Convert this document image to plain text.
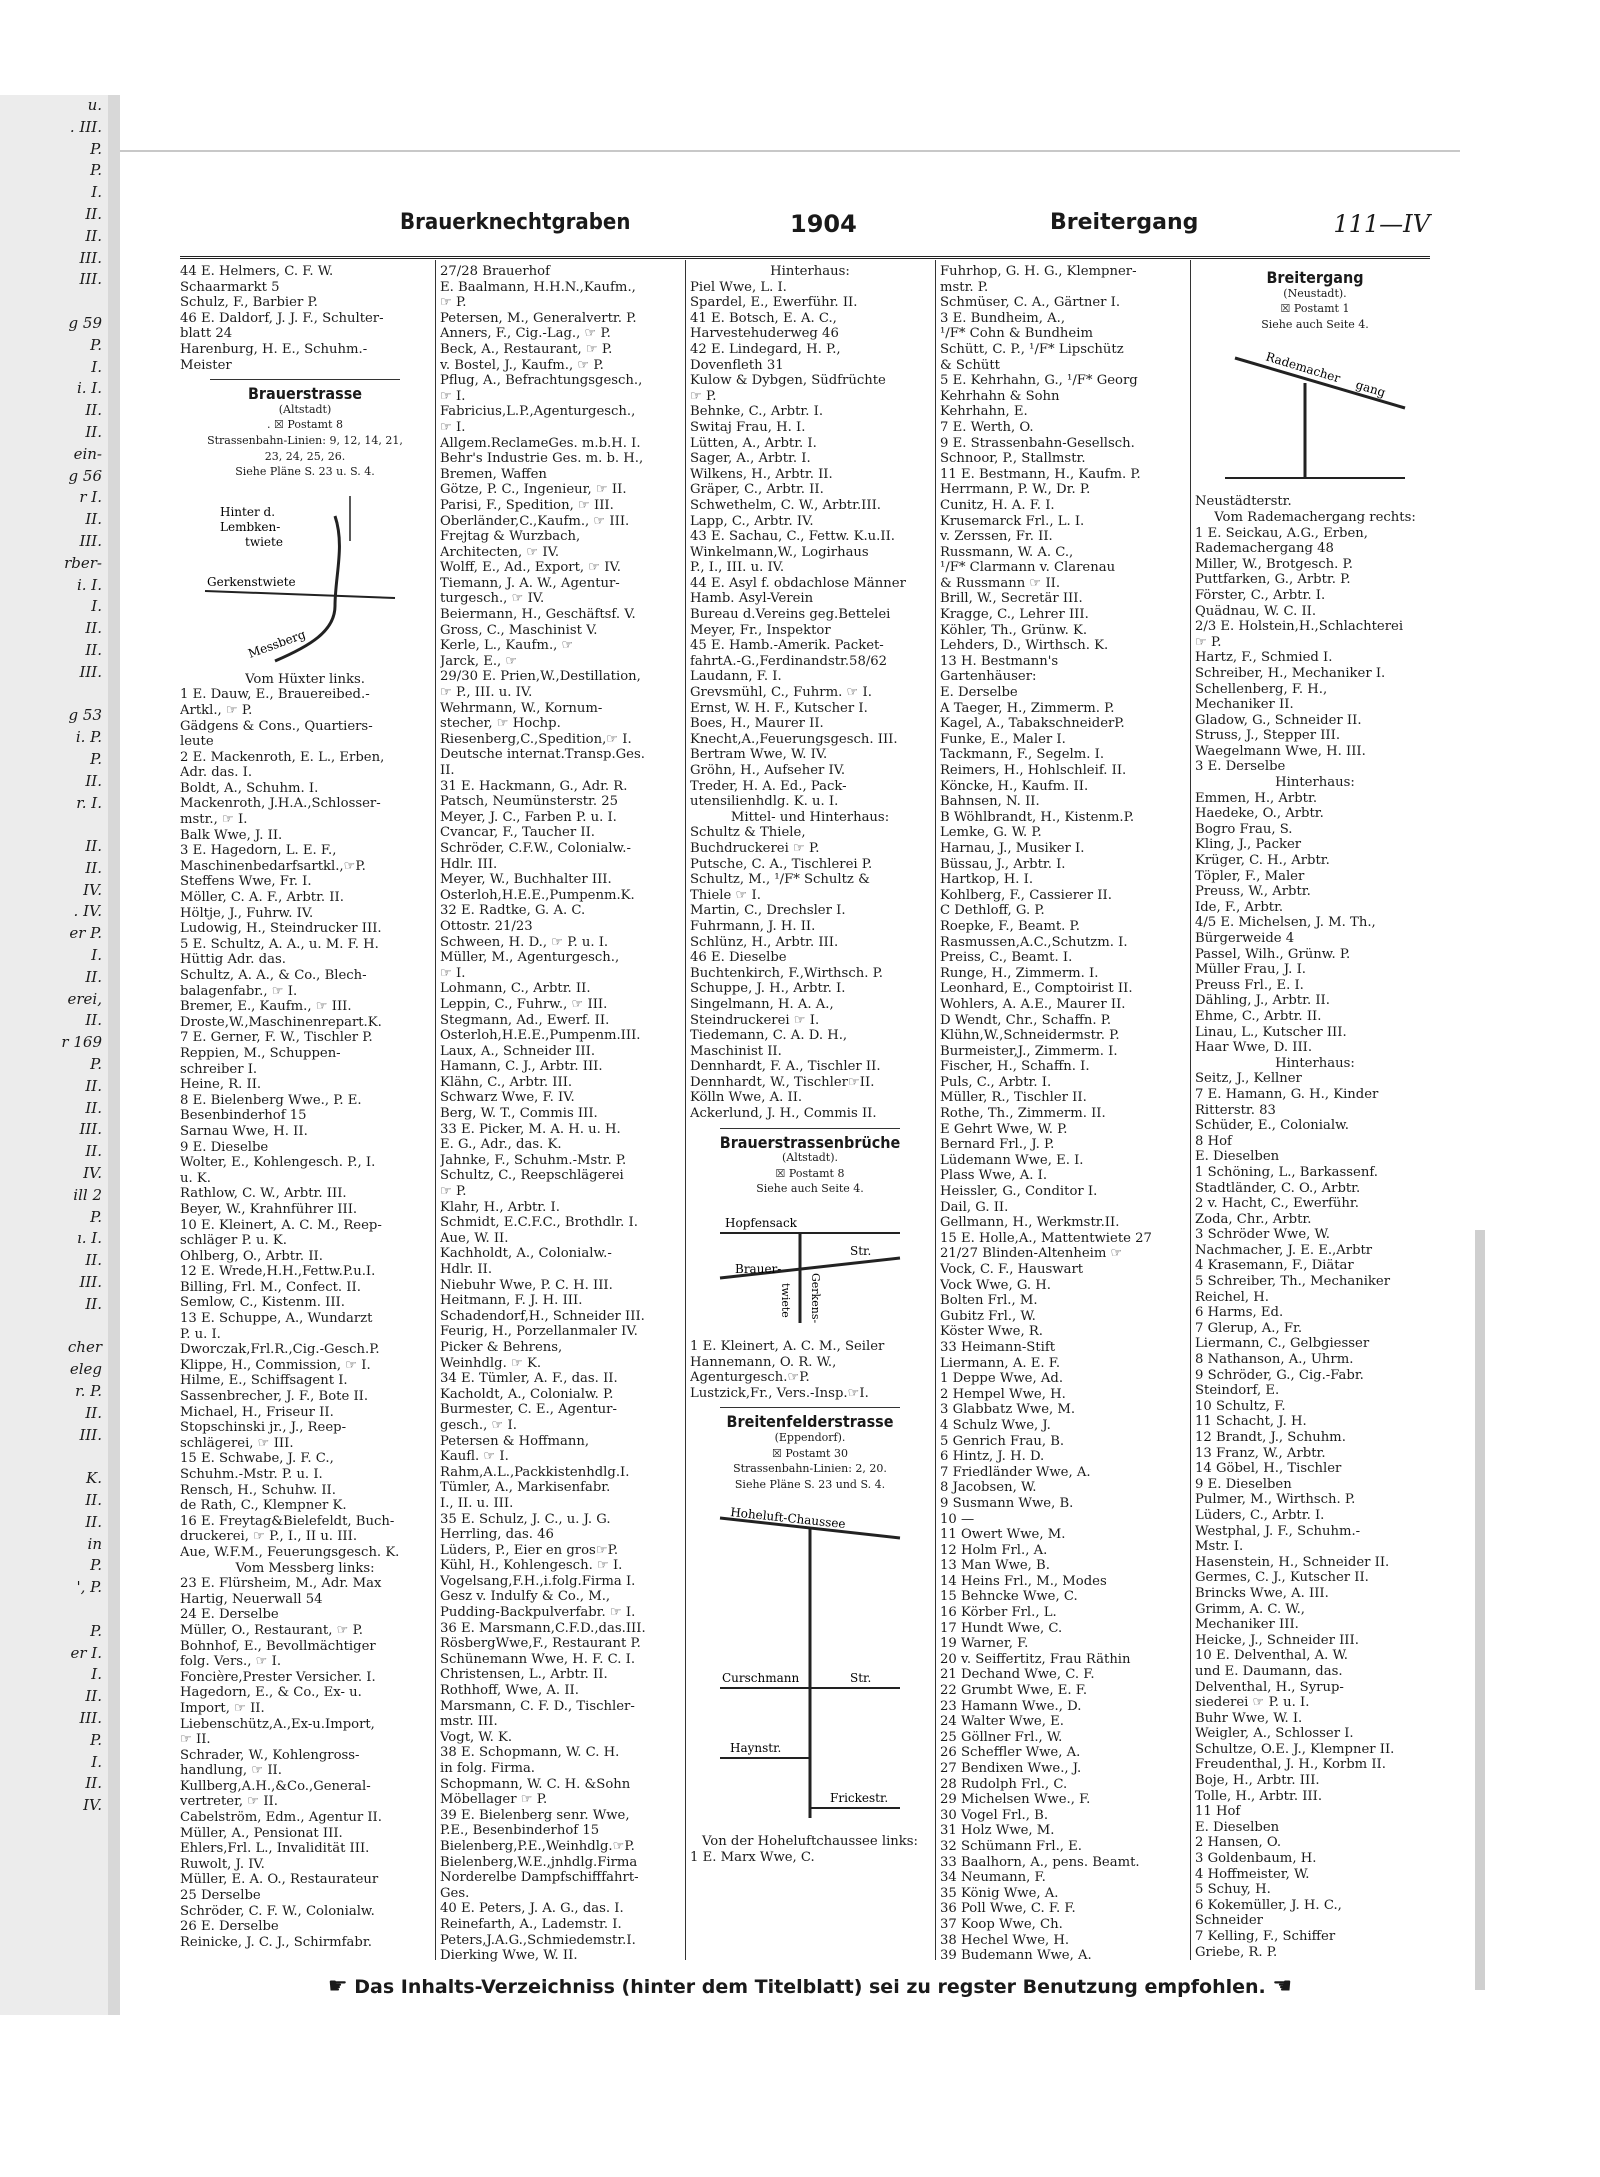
u.
. III.
P.
P.
I.
II.
II.
III.
III.
g 59
P.
I.
i. I.
II.
II.
ein-
g 56
r I.
II.
III.
rber-
i. I.
I.
II.
II.
III.
g 53
i. P.
P.
II.
r. I.
II.
II.
IV.
. IV.
er P.
I.
II.
erei,
II.
r 169
P.
II.
II.
III.
II.
IV.
ill 2
P.
ı. I.
II.
III.
II.
cher
eleg
r. P.
II.
III.
K.
II.
II.
in
P.
', P.
P.
er I.
I.
II.
III.
P.
I.
II.
IV.
Brauerknechtgraben	1904	Breitergang	111—IV
44 E. Helmers, C. F. W.
Schaarmarkt 5
Schulz, F., Barbier P.
46 E. Daldorf, J. J. F., Schulter-
blatt 24
Harenburg, H. E., Schuhm.-
Meister
Brauerstrasse
(Altstadt)
. ☒ Postamt 8
Strassenbahn-Linien: 9, 12, 14, 21,
23, 24, 25, 26.
Siehe Pläne S. 23 u. S. 4.
Hinter d.
Lembken-
twiete
Gerkenstwiete
Messberg
Vom Hüxter links.
1 E. Dauw, E., Brauereibed.-
Artkl., ☞ P.
Gädgens & Cons., Quartiers-
leute
2 E. Mackenroth, E. L., Erben,
Adr. das. I.
Boldt, A., Schuhm. I.
Mackenroth, J.H.A.,Schlosser-
mstr., ☞ I.
Balk Wwe, J. II.
3 E. Hagedorn, L. E. F.,
Maschinenbedarfsartkl.,☞P.
Steffens Wwe, Fr. I.
Möller, C. A. F., Arbtr. II.
Höltje, J., Fuhrw. IV.
Ludowig, H., Steindrucker III.
5 E. Schultz, A. A., u. M. F. H.
Hüttig Adr. das.
Schultz, A. A., & Co., Blech-
balagenfabr., ☞ I.
Bremer, E., Kaufm., ☞ III.
Droste,W.,Maschinenrepart.K.
7 E. Gerner, F. W., Tischler P.
Reppien, M., Schuppen-
schreiber I.
Heine, R. II.
8 E. Bielenberg Wwe., P. E.
Besenbinderhof 15
Sarnau Wwe, H. II.
9 E. Dieselbe
Wolter, E., Kohlengesch. P., I.
u. K.
Rathlow, C. W., Arbtr. III.
Beyer, W., Krahnführer III.
10 E. Kleinert, A. C. M., Reep-
schläger P. u. K.
Ohlberg, O., Arbtr. II.
12 E. Wrede,H.H.,Fettw.P.u.I.
Billing, Frl. M., Confect. II.
Semlow, C., Kistenm. III.
13 E. Schuppe, A., Wundarzt
P. u. I.
Dworczak,Frl.R.,Cig.-Gesch.P.
Klippe, H., Commission, ☞ I.
Hilme, E., Schiffsagent I.
Sassenbrecher, J. F., Bote II.
Michael, H., Friseur II.
Stopschinski jr., J., Reep-
schlägerei, ☞ III.
15 E. Schwabe, J. F. C.,
Schuhm.-Mstr. P. u. I.
Rensch, H., Schuhw. II.
de Rath, C., Klempner K.
16 E. Freytag&Bielefeldt, Buch-
druckerei, ☞ P., I., II u. III.
Aue, W.F.M., Feuerungsgesch. K.
Vom Messberg links:
23 E. Flürsheim, M., Adr. Max
Hartig, Neuerwall 54
24 E. Derselbe
Müller, O., Restaurant, ☞ P.
Bohnhof, E., Bevollmächtiger
folg. Vers., ☞ I.
Foncière,Prester Versicher. I.
Hagedorn, E., & Co., Ex- u.
Import, ☞ II.
Liebenschütz,A.,Ex-u.Import,
☞ II.
Schrader, W., Kohlengross-
handlung, ☞ II.
Kullberg,A.H.,&Co.,General-
vertreter, ☞ II.
Cabelström, Edm., Agentur II.
Müller, A., Pensionat III.
Ehlers,Frl. L., Invalidität III.
Ruwolt, J. IV.
Müller, E. A. O., Restaurateur
25 Derselbe
Schröder, C. F. W., Colonialw.
26 E. Derselbe
Reinicke, J. C. J., Schirmfabr.
27/28 Brauerhof
E. Baalmann, H.H.N.,Kaufm.,
☞ P.
Petersen, M., Generalvertr. P.
Anners, F., Cig.-Lag., ☞ P.
Beck, A., Restaurant, ☞ P.
v. Bostel, J., Kaufm., ☞ P.
Pflug, A., Befrachtungsgesch.,
☞ I.
Fabricius,L.P.,Agenturgesch.,
☞ I.
Allgem.ReclameGes. m.b.H. I.
Behr's Industrie Ges. m. b. H.,
Bremen, Waffen
Götze, P. C., Ingenieur, ☞ II.
Parisi, F., Spedition, ☞ III.
Oberländer,C.,Kaufm., ☞ III.
Frejtag & Wurzbach,
Architecten, ☞ IV.
Wolff, E., Ad., Export, ☞ IV.
Tiemann, J. A. W., Agentur-
turgesch., ☞ IV.
Beiermann, H., Geschäftsf. V.
Gross, C., Maschinist V.
Kerle, L., Kaufm., ☞
Jarck, E., ☞
29/30 E. Prien,W.,Destillation,
☞ P., III. u. IV.
Wehrmann, W., Kornum-
stecher, ☞ Hochp.
Riesenberg,C.,Spedition,☞ I.
Deutsche internat.Transp.Ges.
II.
31 E. Hackmann, G., Adr. R.
Patsch, Neumünsterstr. 25
Meyer, J. C., Farben P. u. I.
Cvancar, F., Taucher II.
Schröder, C.F.W., Colonialw.-
Hdlr. III.
Meyer, W., Buchhalter III.
Osterloh,H.E.E.,Pumpenm.K.
32 E. Radtke, G. A. C.
Ottostr. 21/23
Schween, H. D., ☞ P. u. I.
Müller, M., Agenturgesch.,
☞ I.
Lohmann, C., Arbtr. II.
Leppin, C., Fuhrw., ☞ III.
Stegmann, Ad., Ewerf. II.
Osterloh,H.E.E.,Pumpenm.III.
Laux, A., Schneider III.
Hamann, C. J., Arbtr. III.
Klähn, C., Arbtr. III.
Schwarz Wwe, F. IV.
Berg, W. T., Commis III.
33 E. Picker, M. A. H. u. H.
E. G., Adr., das. K.
Jahnke, F., Schuhm.-Mstr. P.
Schultz, C., Reepschlägerei
☞ P.
Klahr, H., Arbtr. I.
Schmidt, E.C.F.C., Brothdlr. I.
Aue, W. II.
Kachholdt, A., Colonialw.-
Hdlr. II.
Niebuhr Wwe, P. C. H. III.
Heitmann, F. J. H. III.
Schadendorf,H., Schneider III.
Feurig, H., Porzellanmaler IV.
Picker & Behrens,
Weinhdlg. ☞ K.
34 E. Tümler, A. F., das. II.
Kacholdt, A., Colonialw. P.
Burmester, C. E., Agentur-
gesch., ☞ I.
Petersen & Hoffmann,
Kaufl. ☞ I.
Rahm,A.L.,Packkistenhdlg.I.
Tümler, A., Markisenfabr.
I., II. u. III.
35 E. Schulz, J. C., u. J. G.
Herrling, das. 46
Lüders, P., Eier en gros☞P.
Kühl, H., Kohlengesch. ☞ I.
Vogelsang,F.H.,i.folg.Firma I.
Gesz v. Indulfy & Co., M.,
Pudding-Backpulverfabr. ☞ I.
36 E. Marsmann,C.F.D.,das.III.
RösbergWwe,F., Restaurant P.
Schünemann Wwe, H. F. C. I.
Christensen, L., Arbtr. II.
Rothhoff, Wwe, A. II.
Marsmann, C. F. D., Tischler-
mstr. III.
Vogt, W. K.
38 E. Schopmann, W. C. H.
in folg. Firma.
Schopmann, W. C. H. &Sohn
Möbellager ☞ P.
39 E. Bielenberg senr. Wwe,
P.E., Besenbinderhof 15
Bielenberg,P.E.,Weinhdlg.☞P.
Bielenberg,W.E.,jnhdlg.Firma
Norderelbe Dampfschifffahrt-
Ges.
40 E. Peters, J. A. G., das. I.
Reinefarth, A., Lademstr. I.
Peters,J.A.G.,Schmiedemstr.I.
Dierking Wwe, W. II.
Hinterhaus:
Piel Wwe, L. I.
Spardel, E., Ewerführ. II.
41 E. Botsch, E. A. C.,
Harvestehuderweg 46
42 E. Lindegard, H. P.,
Dovenfleth 31
Kulow & Dybgen, Südfrüchte
☞ P.
Behnke, C., Arbtr. I.
Switaj Frau, H. I.
Lütten, A., Arbtr. I.
Sager, A., Arbtr. I.
Wilkens, H., Arbtr. II.
Gräper, C., Arbtr. II.
Schwethelm, C. W., Arbtr.III.
Lapp, C., Arbtr. IV.
43 E. Sachau, C., Fettw. K.u.II.
Winkelmann,W., Logirhaus
P., I., III. u. IV.
44 E. Asyl f. obdachlose Männer
Hamb. Asyl-Verein
Bureau d.Vereins geg.Bettelei
Meyer, Fr., Inspektor
45 E. Hamb.-Amerik. Packet-
fahrtA.-G.,Ferdinandstr.58/62
Laudann, F. I.
Grevsmühl, C., Fuhrm. ☞ I.
Ernst, W. H. F., Kutscher I.
Boes, H., Maurer II.
Knecht,A.,Feuerungsgesch. III.
Bertram Wwe, W. IV.
Gröhn, H., Aufseher IV.
Treder, H. A. Ed., Pack-
utensilienhdlg. K. u. I.
Mittel- und Hinterhaus:
Schultz & Thiele,
Buchdruckerei ☞ P.
Putsche, C. A., Tischlerei P.
Schultz, M., ¹/F* Schultz &
Thiele ☞ I.
Martin, C., Drechsler I.
Fuhrmann, J. H. II.
Schlünz, H., Arbtr. III.
46 E. Dieselbe
Buchtenkirch, F.,Wirthsch. P.
Schuppe, J. H., Arbtr. I.
Singelmann, H. A. A.,
Steindruckerei ☞ I.
Tiedemann, C. A. D. H.,
Maschinist II.
Dennhardt, F. A., Tischler II.
Dennhardt, W., Tischler☞II.
Kölln Wwe, A. II.
Ackerlund, J. H., Commis II.
Brauerstrassenbrüche
(Altstadt).
☒ Postamt 8
Siehe auch Seite 4.
Hopfensack
Brauer-
Str.
Gerkens-
twiete
1 E. Kleinert, A. C. M., Seiler
Hannemann, O. R. W.,
Agenturgesch.☞P.
Lustzick,Fr., Vers.-Insp.☞I.
Breitenfelderstrasse
(Eppendorf).
☒ Postamt 30
Strassenbahn-Linien: 2, 20.
Siehe Pläne S. 23 und S. 4.
Hoheluft-Chaussee
Curschmann	Str.
Haynstr.
Frickestr.
Von der Hoheluftchaussee links:
1 E. Marx Wwe, C.
Fuhrhop, G. H. G., Klempner-
mstr. P.
Schmüser, C. A., Gärtner I.
3 E. Bundheim, A.,
¹/F* Cohn & Bundheim
Schütt, C. P., ¹/F* Lipschütz
& Schütt
5 E. Kehrhahn, G., ¹/F* Georg
Kehrhahn & Sohn
Kehrhahn, E.
7 E. Werth, O.
9 E. Strassenbahn-Gesellsch.
Schnoor, P., Stallmstr.
11 E. Bestmann, H., Kaufm. P.
Herrmann, P. W., Dr. P.
Cunitz, H. A. F. I.
Krusemarck Frl., L. I.
v. Zerssen, Fr. II.
Russmann, W. A. C.,
¹/F* Clarmann v. Clarenau
& Russmann ☞ II.
Brill, W., Secretär III.
Kragge, C., Lehrer III.
Köhler, Th., Grünw. K.
Lehders, D., Wirthsch. K.
13 H. Bestmann's
Gartenhäuser:
E. Derselbe
A Taeger, H., Zimmerm. P.
Kagel, A., TabakschneiderP.
Funke, E., Maler I.
Tackmann, F., Segelm. I.
Reimers, H., Hohlschleif. II.
Köncke, H., Kaufm. II.
Bahnsen, N. II.
B Wöhlbrandt, H., Kistenm.P.
Lemke, G. W. P.
Harnau, J., Musiker I.
Büssau, J., Arbtr. I.
Hartkop, H. I.
Kohlberg, F., Cassierer II.
C Dethloff, G. P.
Roepke, F., Beamt. P.
Rasmussen,A.C.,Schutzm. I.
Preiss, C., Beamt. I.
Runge, H., Zimmerm. I.
Leonhard, E., Comptoirist II.
Wohlers, A. A.E., Maurer II.
D Wendt, Chr., Schaffn. P.
Klühn,W.,Schneidermstr. P.
Burmeister,J., Zimmerm. I.
Fischer, H., Schaffn. I.
Puls, C., Arbtr. I.
Müller, R., Tischler II.
Rothe, Th., Zimmerm. II.
E Gehrt Wwe, W. P.
Bernard Frl., J. P.
Lüdemann Wwe, E. I.
Plass Wwe, A. I.
Heissler, G., Conditor I.
Dail, G. II.
Gellmann, H., Werkmstr.II.
15 E. Holle,A., Mattentwiete 27
21/27 Blinden-Altenheim ☞
Vock, C. F., Hauswart
Vock Wwe, G. H.
Bolten Frl., M.
Gubitz Frl., W.
Köster Wwe, R.
33 Heimann-Stift
Liermann, A. E. F.
1 Deppe Wwe, Ad.
2 Hempel Wwe, H.
3 Glabbatz Wwe, M.
4 Schulz Wwe, J.
5 Genrich Frau, B.
6 Hintz, J. H. D.
7 Friedländer Wwe, A.
8 Jacobsen, W.
9 Susmann Wwe, B.
10 —
11 Owert Wwe, M.
12 Holm Frl., A.
13 Man Wwe, B.
14 Heins Frl., M., Modes
15 Behncke Wwe, C.
16 Körber Frl., L.
17 Hundt Wwe, C.
19 Warner, F.
20 v. Seiffertitz, Frau Räthin
21 Dechand Wwe, C. F.
22 Grumbt Wwe, E. F.
23 Hamann Wwe., D.
24 Walter Wwe, E.
25 Göllner Frl., W.
26 Scheffler Wwe, A.
27 Bendixen Wwe., J.
28 Rudolph Frl., C.
29 Michelsen Wwe., F.
30 Vogel Frl., B.
31 Holz Wwe, M.
32 Schümann Frl., E.
33 Baalhorn, A., pens. Beamt.
34 Neumann, F.
35 König Wwe, A.
36 Poll Wwe, C. F. F.
37 Koop Wwe, Ch.
38 Hechel Wwe, H.
39 Budemann Wwe, A.
Breitergang
(Neustadt).
☒ Postamt 1
Siehe auch Seite 4.
Rademacher
gang
Neustädterstr.
Vom Rademachergang rechts:
1 E. Seickau, A.G., Erben,
Rademachergang 48
Miller, W., Brotgesch. P.
Puttfarken, G., Arbtr. P.
Förster, C., Arbtr. I.
Quädnau, W. C. II.
2/3 E. Holstein,H.,Schlachterei
☞ P.
Hartz, F., Schmied I.
Schreiber, H., Mechaniker I.
Schellenberg, F. H.,
Mechaniker II.
Gladow, G., Schneider II.
Struss, J., Stepper III.
Waegelmann Wwe, H. III.
3 E. Derselbe
Hinterhaus:
Emmen, H., Arbtr.
Haedeke, O., Arbtr.
Bogro Frau, S.
Kling, J., Packer
Krüger, C. H., Arbtr.
Töpler, F., Maler
Preuss, W., Arbtr.
Ide, F., Arbtr.
4/5 E. Michelsen, J. M. Th.,
Bürgerweide 4
Passel, Wilh., Grünw. P.
Müller Frau, J. I.
Preuss Frl., E. I.
Dähling, J., Arbtr. II.
Ehme, C., Arbtr. II.
Linau, L., Kutscher III.
Haar Wwe, D. III.
Hinterhaus:
Seitz, J., Kellner
7 E. Hamann, G. H., Kinder
Ritterstr. 83
Schüder, E., Colonialw.
8 Hof
E. Dieselben
1 Schöning, L., Barkassenf.
Stadtländer, C. O., Arbtr.
2 v. Hacht, C., Ewerführ.
Zoda, Chr., Arbtr.
3 Schröder Wwe, W.
Nachmacher, J. E. E.,Arbtr
4 Krasemann, F., Diätar
5 Schreiber, Th., Mechaniker
Reichel, H.
6 Harms, Ed.
7 Glerup, A., Fr.
Liermann, C., Gelbgiesser
8 Nathanson, A., Uhrm.
9 Schröder, G., Cig.-Fabr.
Steindorf, E.
10 Schultz, F.
11 Schacht, J. H.
12 Brandt, J., Schuhm.
13 Franz, W., Arbtr.
14 Göbel, H., Tischler
9 E. Dieselben
Pulmer, M., Wirthsch. P.
Lüders, C., Arbtr. I.
Westphal, J. F., Schuhm.-
Mstr. I.
Hasenstein, H., Schneider II.
Germes, C. J., Kutscher II.
Brincks Wwe, A. III.
Grimm, A. C. W.,
Mechaniker III.
Heicke, J., Schneider III.
10 E. Delventhal, A. W.
und E. Daumann, das.
Delventhal, H., Syrup-
siederei ☞ P. u. I.
Buhr Wwe, W. I.
Weigler, A., Schlosser I.
Schultze, O.E. J., Klempner II.
Freudenthal, J. H., Korbm II.
Boje, H., Arbtr. III.
Tolle, H., Arbtr. III.
11 Hof
E. Dieselben
2 Hansen, O.
3 Goldenbaum, H.
4 Hoffmeister, W.
5 Schuy, H.
6 Kokemüller, J. H. C.,
Schneider
7 Kelling, F., Schiffer
Griebe, R. P.
☛ Das Inhalts-Verzeichniss (hinter dem Titelblatt) sei zu regster Benutzung empfohlen. ☚
